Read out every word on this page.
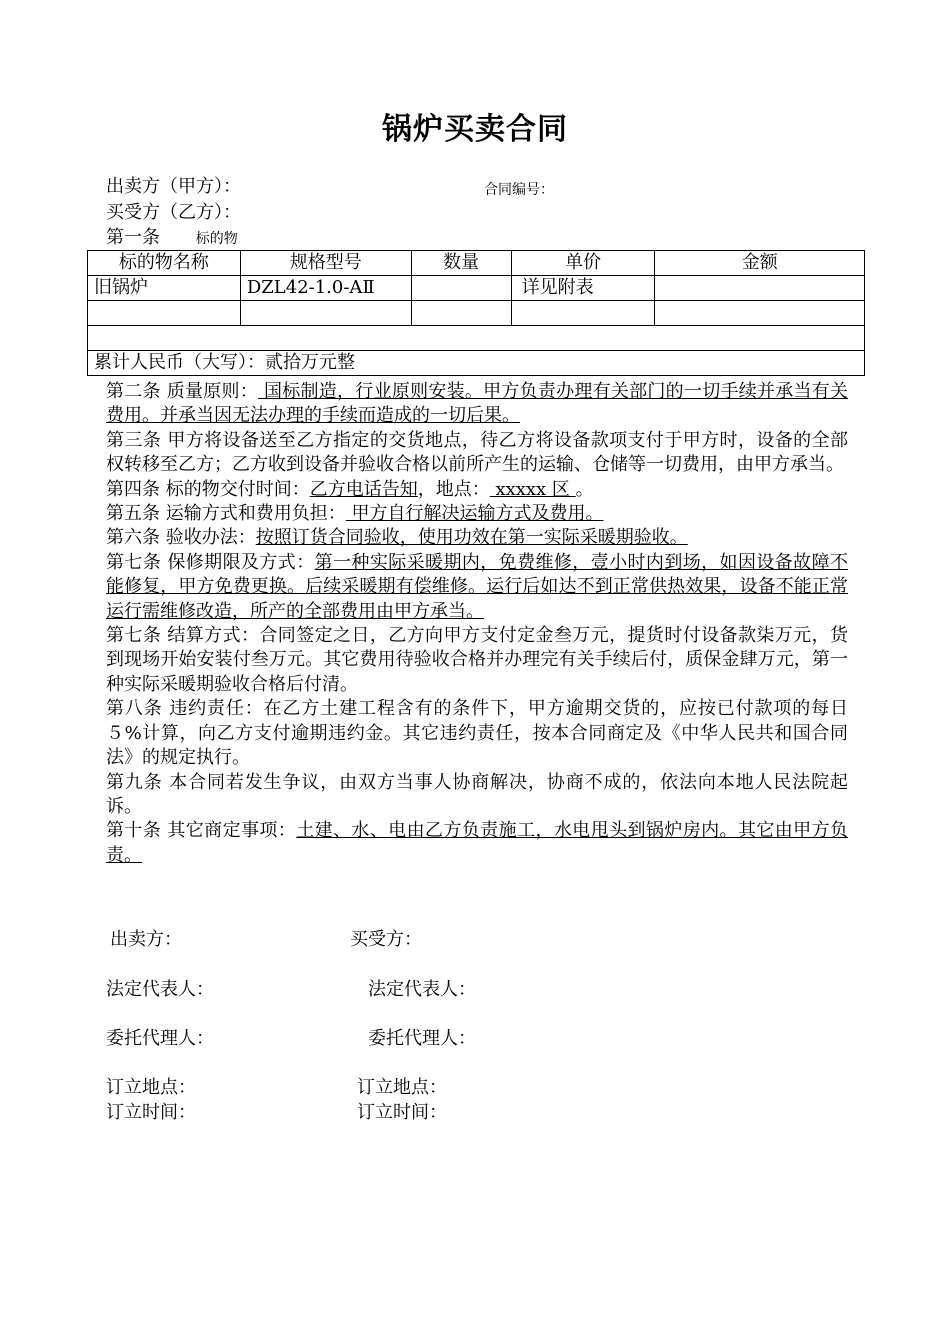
锅炉买卖合同
出卖方（甲方）：	合同编号：
买受方（乙方）：
第一条	标的物
标的物名称	规格型号	数量	单价	金额
旧锅炉	DZL42-1.0-AⅡ		详见附表	

累计人民币（大写）：贰拾万元整				

第二条 质量原则： 国标制造，行业原则安装。甲方负责办理有关部门的一切手续并承当有关费用。并承当因无法办理的手续而造成的一切后果。

第三条 甲方将设备送至乙方指定的交货地点，待乙方将设备款项支付于甲方时，设备的全部权转移至乙方；乙方收到设备并验收合格以前所产生的运输、仓储等一切费用，由甲方承当。

第四条 标的物交付时间：乙方电话告知，地点： xxxxx 区 。

第五条 运输方式和费用负担： 甲方自行解决运输方式及费用。

第六条 验收办法：按照订货合同验收，使用功效在第一实际采暖期验收。

第七条 保修期限及方式：第一种实际采暖期内，免费维修，壹小时内到场，如因设备故障不能修复，甲方免费更换。后续采暖期有偿维修。运行后如达不到正常供热效果，设备不能正常运行需维修改造，所产的全部费用由甲方承当。

第七条 结算方式：合同签定之日，乙方向甲方支付定金叁万元，提货时付设备款柒万元，货到现场开始安装付叁万元。其它费用待验收合格并办理完有关手续后付，质保金肆万元，第一种实际采暖期验收合格后付清。

第八条 违约责任：在乙方土建工程含有的条件下，甲方逾期交货的，应按已付款项的每日５%计算，向乙方支付逾期违约金。其它违约责任，按本合同商定及《中华人民共和国合同法》的规定执行。

第九条 本合同若发生争议，由双方当事人协商解决，协商不成的，依法向本地人民法院起诉。

第十条 其它商定事项：土建、水、电由乙方负责施工，水电甩头到锅炉房内。其它由甲方负责。

出卖方：	买受方：
法定代表人：	法定代表人：
委托代理人：	委托代理人：
订立地点：	订立地点：
订立时间：	订立时间：
